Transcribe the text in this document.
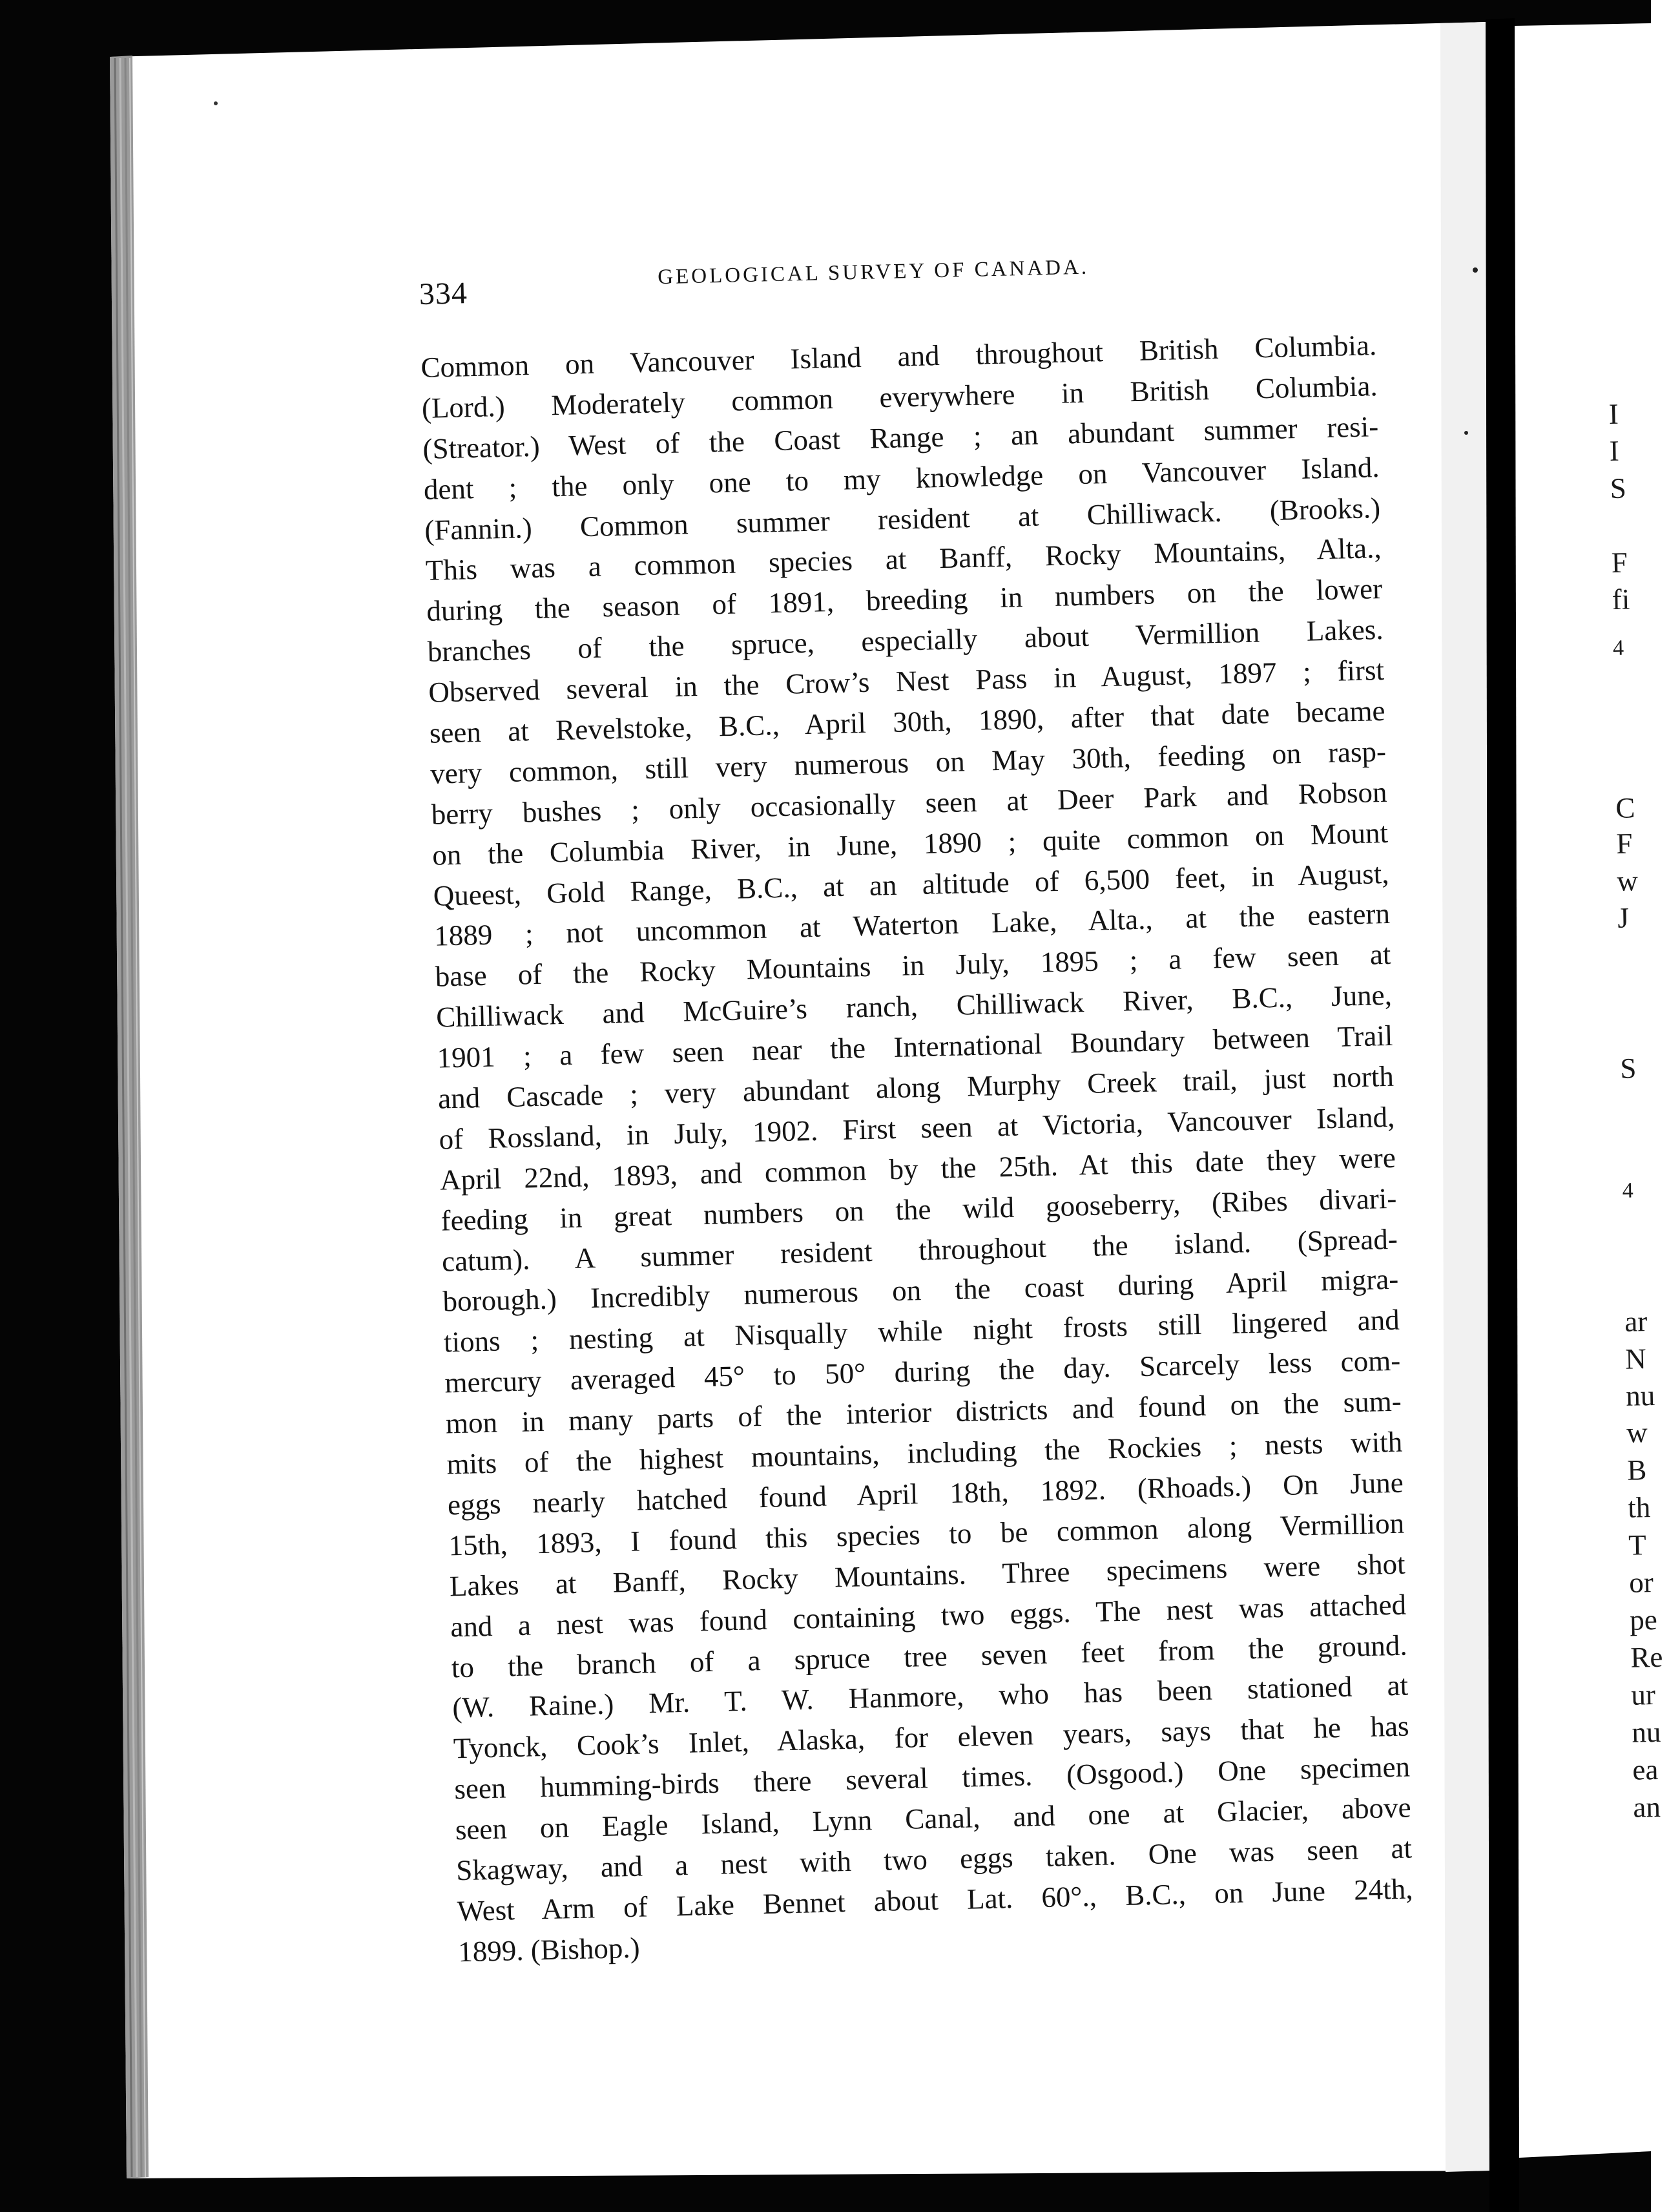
334
GEOLOGICAL SURVEY OF CANADA.
Common on Vancouver Island and throughout British Columbia.
(Lord.) Moderately common everywhere in British Columbia.
(Streator.) West of the Coast Range ; an abundant summer resi-
dent ; the only one to my knowledge on Vancouver Island.
(Fannin.) Common summer resident at Chilliwack. (Brooks.)
This was a common species at Banff, Rocky Mountains, Alta.,
during the season of 1891, breeding in numbers on the lower
branches of the spruce, especially about Vermillion Lakes.
Observed several in the Crow’s Nest Pass in August, 1897 ; first
seen at Revelstoke, B.C., April 30th, 1890, after that date became
very common, still very numerous on May 30th, feeding on rasp-
berry bushes ; only occasionally seen at Deer Park and Robson
on the Columbia River, in June, 1890 ; quite common on Mount
Queest, Gold Range, B.C., at an altitude of 6,500 feet, in August,
1889 ; not uncommon at Waterton Lake, Alta., at the eastern
base of the Rocky Mountains in July, 1895 ; a few seen at
Chilliwack and McGuire’s ranch, Chilliwack River, B.C., June,
1901 ; a few seen near the International Boundary between Trail
and Cascade ; very abundant along Murphy Creek trail, just north
of Rossland, in July, 1902. First seen at Victoria, Vancouver Island,
April 22nd, 1893, and common by the 25th. At this date they were
feeding in great numbers on the wild gooseberry, (Ribes divari-
catum). A summer resident throughout the island. (Spread-
borough.) Incredibly numerous on the coast during April migra-
tions ; nesting at Nisqually while night frosts still lingered and
mercury averaged 45° to 50° during the day. Scarcely less com-
mon in many parts of the interior districts and found on the sum-
mits of the highest mountains, including the Rockies ; nests with
eggs nearly hatched found April 18th, 1892. (Rhoads.) On June
15th, 1893, I found this species to be common along Vermillion
Lakes at Banff, Rocky Mountains. Three specimens were shot
and a nest was found containing two eggs. The nest was attached
to the branch of a spruce tree seven feet from the ground.
(W. Raine.) Mr. T. W. Hanmore, who has been stationed at
Tyonck, Cook’s Inlet, Alaska, for eleven years, says that he has
seen humming-birds there several times. (Osgood.) One specimen
seen on Eagle Island, Lynn Canal, and one at Glacier, above
Skagway, and a nest with two eggs taken. One was seen at
West Arm of Lake Bennet about Lat. 60°., B.C., on June 24th,
1899. (Bishop.)
I
I
S
F
fi
4
C
F
w
J
S
4
ar
N
nu
w
B
th
T
or
pe
Re
ur
nu
ea
an
